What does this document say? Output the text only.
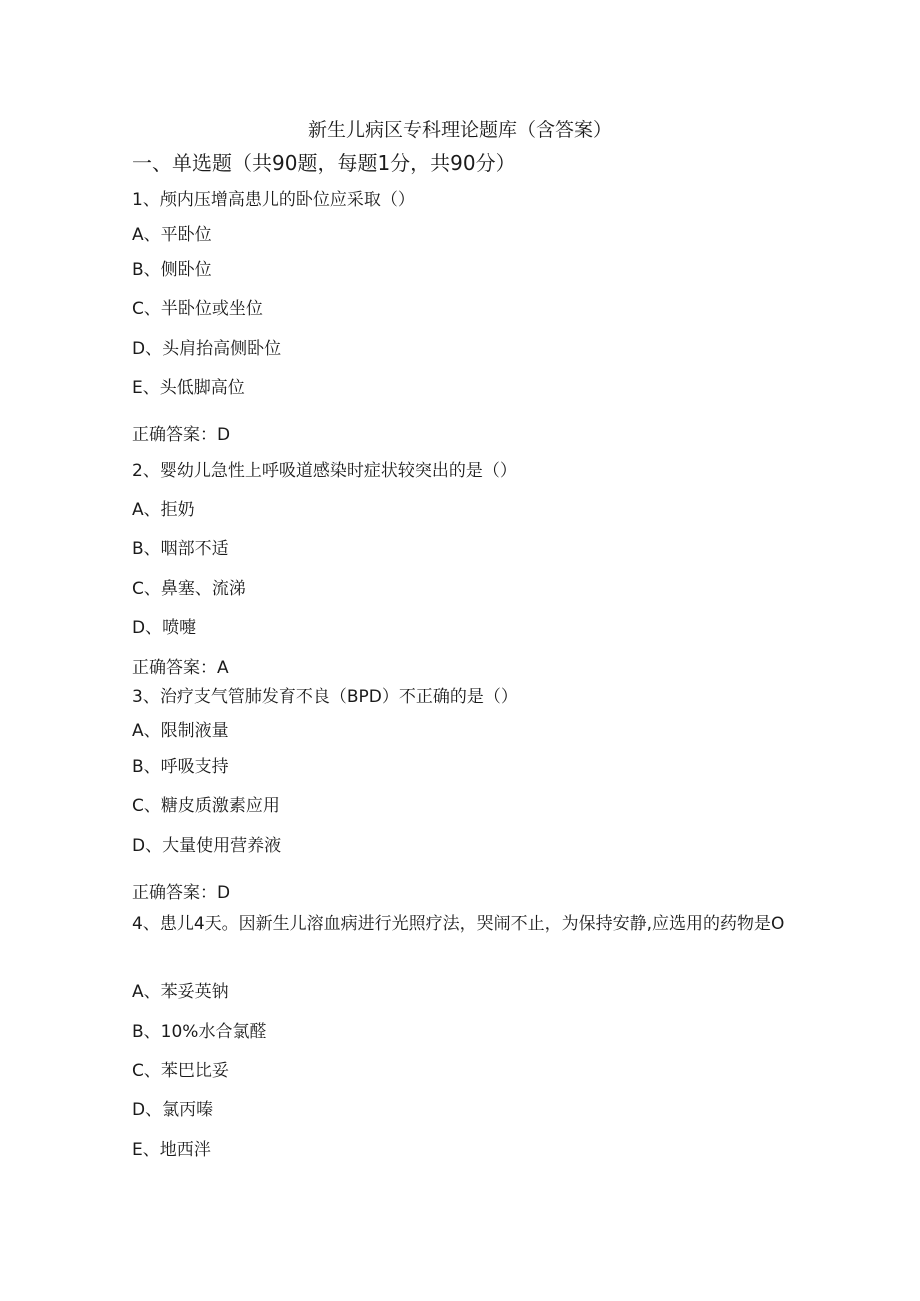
新生儿病区专科理论题库（含答案）
一、单选题（共90题，每题1分，共90分）
1、颅内压增高患儿的卧位应采取（）
A、平卧位
B、侧卧位
C、半卧位或坐位
D、头肩抬高侧卧位
E、头低脚高位
正确答案：D
2、婴幼儿急性上呼吸道感染时症状较突出的是（）
A、拒奶
B、咽部不适
C、鼻塞、流涕
D、喷嚏
正确答案：A
3、治疗支气管肺发育不良（BPD）不正确的是（）
A、限制液量
B、呼吸支持
C、糖皮质激素应用
D、大量使用营养液
正确答案：D
4、患儿4天。因新生儿溶血病进行光照疗法，哭闹不止，为保持安静,应选用的药物是O
A、苯妥英钠
B、10%水合氯醛
C、苯巴比妥
D、氯丙嗪
E、地西泮
